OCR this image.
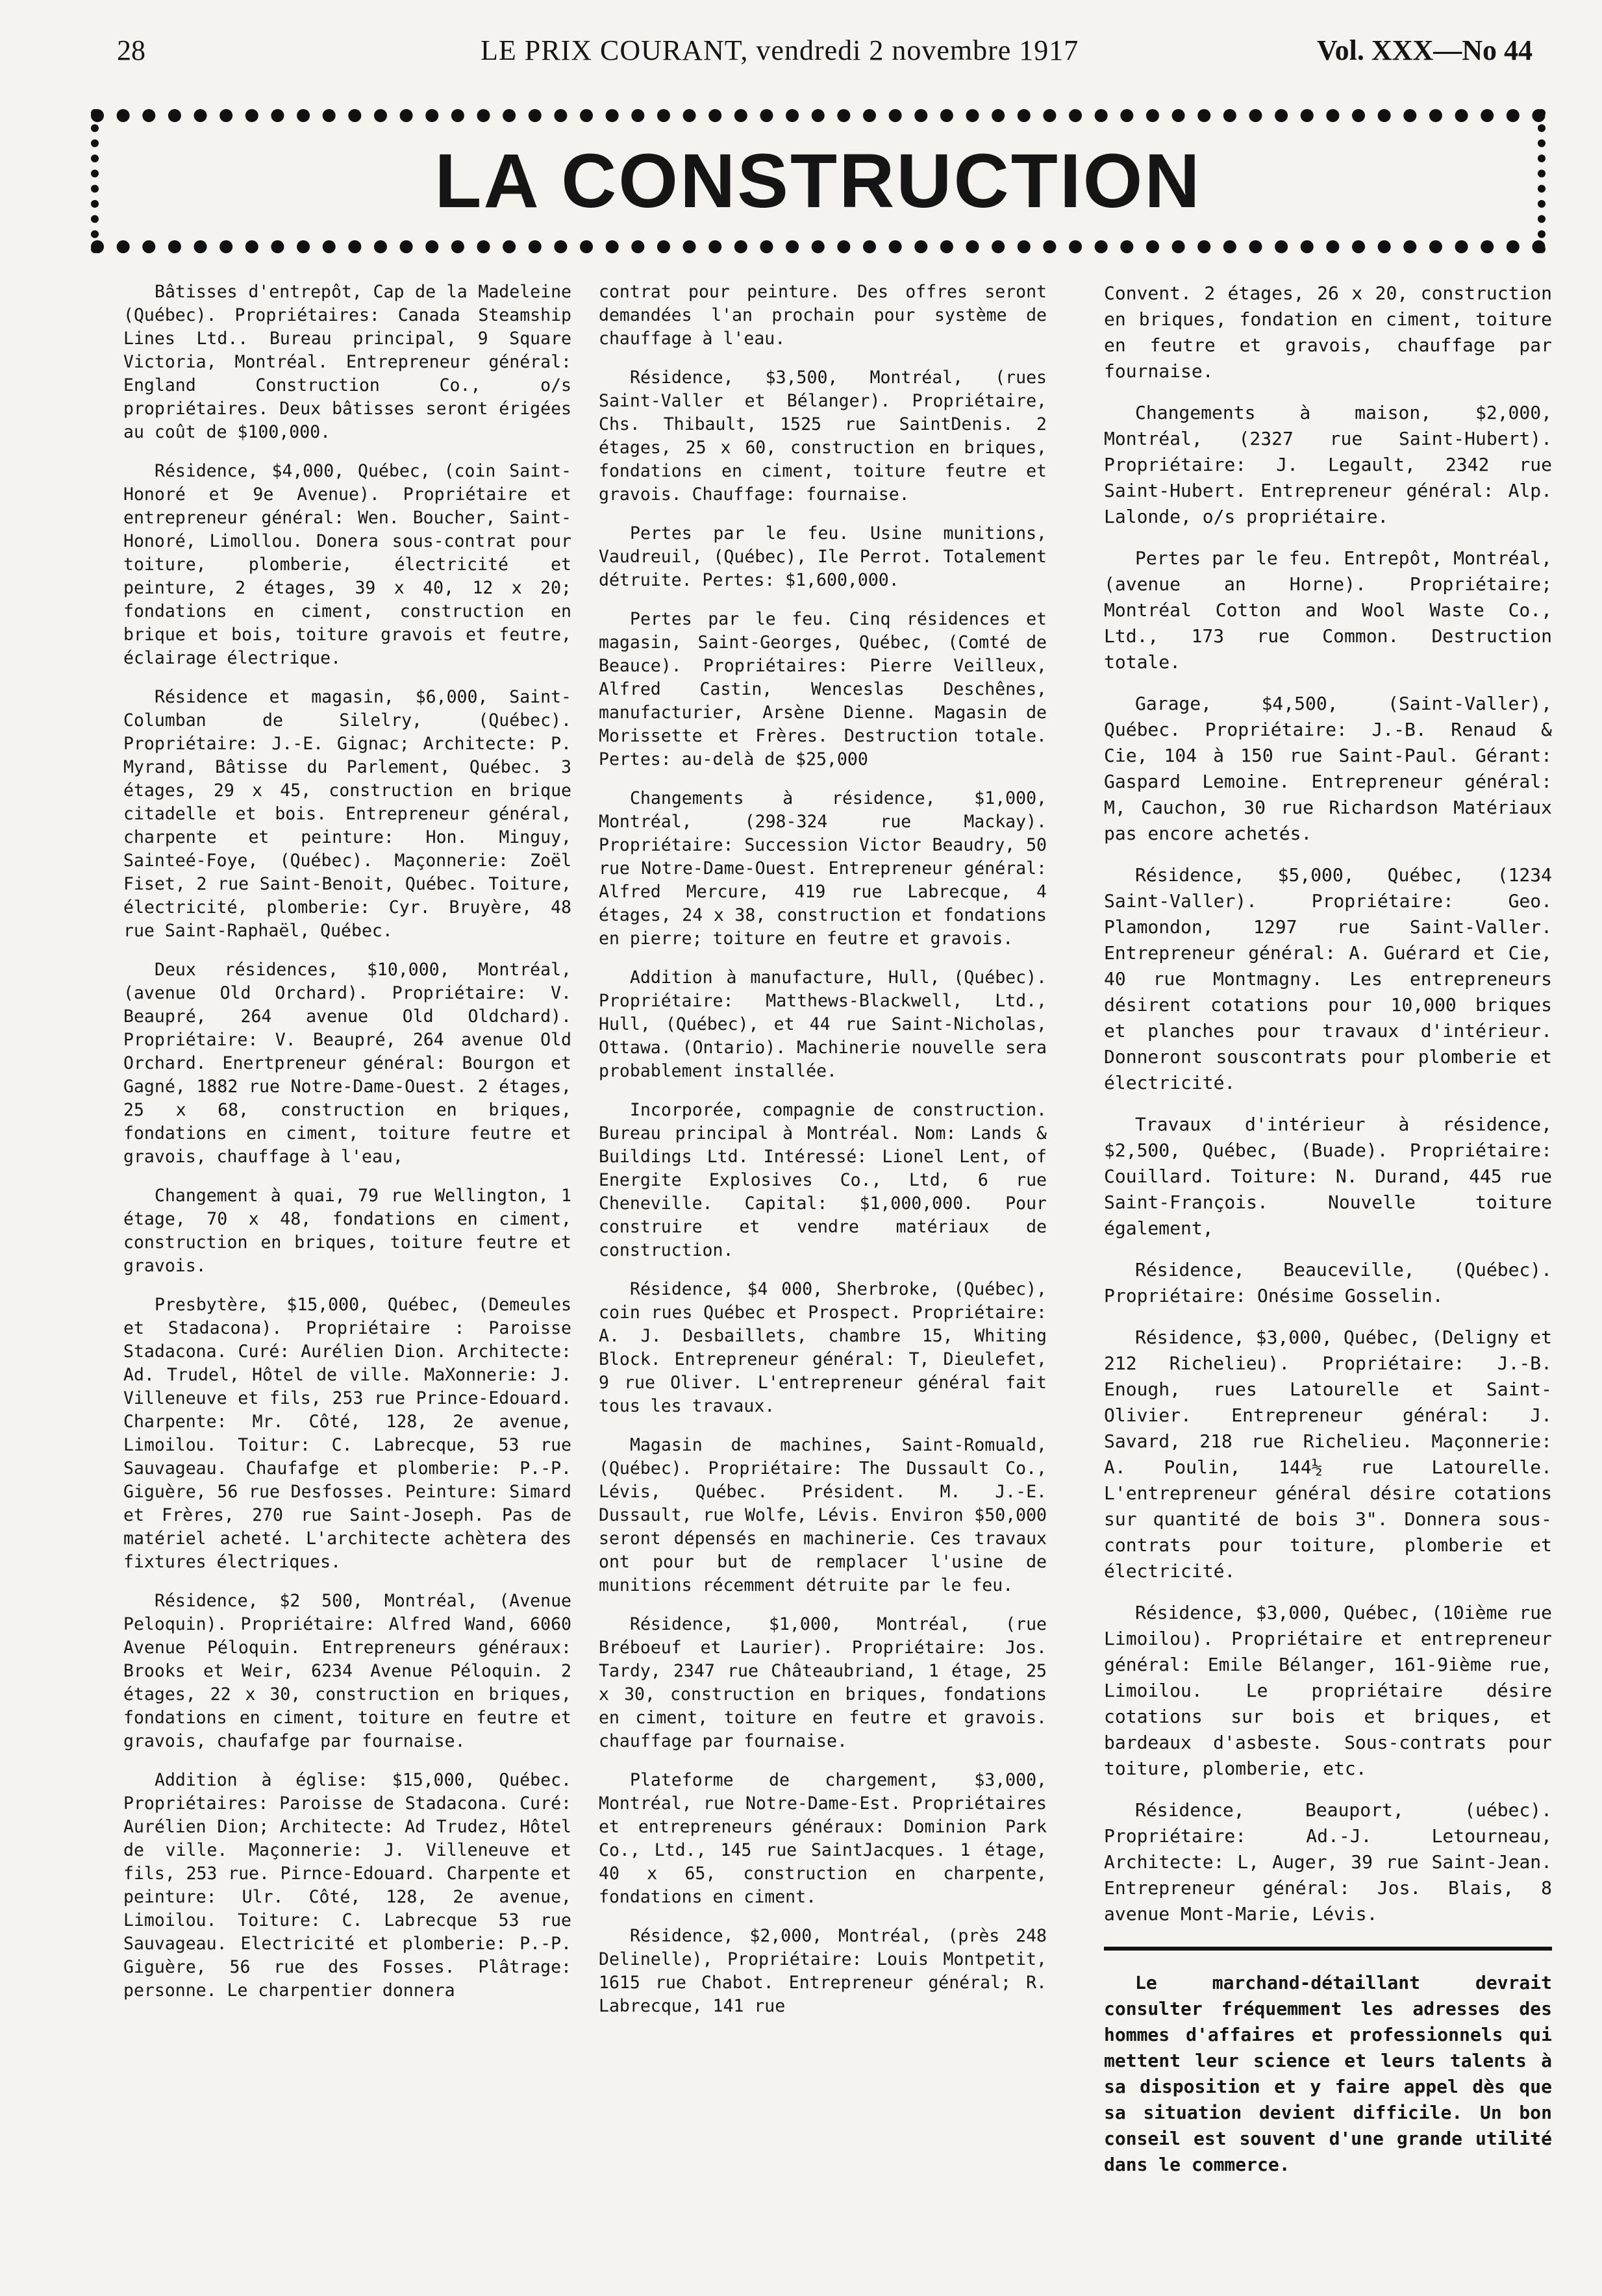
28	LE PRIX COURANT, vendredi 2 novembre 1917	Vol. XXX—No 44
LA CONSTRUCTION

Bâtisses d'entrepôt, Cap de la Madeleine (Québec). Propriétaires: Canada Steamship Lines Ltd.. Bureau principal, 9 Square Victoria, Montréal. Entrepreneur général: England Construction Co., o/s propriétaires. Deux bâtisses seront érigées au coût de $100,000.

Résidence, $4,000, Québec, (coin Saint-Honoré et 9e Avenue). Propriétaire et entrepreneur général: Wen. Boucher, Saint-Honoré, Limollou. Donera sous-contrat pour toiture, plomberie, électricité et peinture, 2 étages, 39 x 40, 12 x 20; fondations en ciment, construction en brique et bois, toiture gravois et feutre, éclairage électrique.

Résidence et magasin, $6,000, Saint-Columban de Silelry, (Québec). Propriétaire: J.-E. Gignac; Architecte: P. Myrand, Bâtisse du Parlement, Québec. 3 étages, 29 x 45, construction en brique citadelle et bois. Entrepreneur général, charpente et peinture: Hon. Minguy, Sainteé-Foye, (Québec). Maçonnerie: Zoël Fiset, 2 rue Saint-Benoit, Québec. Toiture, électricité, plomberie: Cyr. Bruyère, 48 rue Saint-Raphaël, Québec.

Deux résidences, $10,000, Montréal, (avenue Old Orchard). Propriétaire: V. Beaupré, 264 avenue Old Oldchard). Propriétaire: V. Beaupré, 264 avenue Old Orchard. Enertpreneur général: Bourgon et Gagné, 1882 rue Notre-Dame-Ouest. 2 étages, 25 x 68, construction en briques, fondations en ciment, toiture feutre et gravois, chauffage à l'eau,

Changement à quai, 79 rue Wellington, 1 étage, 70 x 48, fondations en ciment, construction en briques, toiture feutre et gravois.

Presbytère, $15,000, Québec, (Demeules et Stadacona). Propriétaire : Paroisse Stadacona. Curé: Aurélien Dion. Architecte: Ad. Trudel, Hôtel de ville. MaXonnerie: J. Villeneuve et fils, 253 rue Prince-Edouard. Charpente: Mr. Côté, 128, 2e avenue, Limoilou. Toitur: C. Labrecque, 53 rue Sauvageau. Chaufafge et plomberie: P.-P. Giguère, 56 rue Desfosses. Peinture: Simard et Frères, 270 rue Saint-Joseph. Pas de matériel acheté. L'architecte achètera des fixtures électriques.

Résidence, $2 500, Montréal, (Avenue Peloquin). Propriétaire: Alfred Wand, 6060 Avenue Péloquin. Entrepreneurs généraux: Brooks et Weir, 6234 Avenue Péloquin. 2 étages, 22 x 30, construction en briques, fondations en ciment, toiture en feutre et gravois, chaufafge par fournaise.

Addition à église: $15,000, Québec. Propriétaires: Paroisse de Stadacona. Curé: Aurélien Dion; Architecte: Ad Trudez, Hôtel de ville. Maçonnerie: J. Villeneuve et fils, 253 rue. Pirnce-Edouard. Charpente et peinture: Ulr. Côté, 128, 2e avenue, Limoilou. Toiture: C. Labrecque 53 rue Sauvageau. Electricité et plomberie: P.-P. Giguère, 56 rue des Fosses. Plâtrage: personne. Le charpentier donnera

contrat pour peinture. Des offres seront demandées l'an prochain pour système de chauffage à l'eau.

Résidence, $3,500, Montréal, (rues Saint-Valler et Bélanger). Propriétaire, Chs. Thibault, 1525 rue SaintDenis. 2 étages, 25 x 60, construction en briques, fondations en ciment, toiture feutre et gravois. Chauffage: fournaise.

Pertes par le feu. Usine munitions, Vaudreuil, (Québec), Ile Perrot. Totalement détruite. Pertes: $1,600,000.

Pertes par le feu. Cinq résidences et magasin, Saint-Georges, Québec, (Comté de Beauce). Propriétaires: Pierre Veilleux, Alfred Castin, Wenceslas Deschênes, manufacturier, Arsène Dienne. Magasin de Morissette et Frères. Destruction totale. Pertes: au-delà de $25,000

Changements à résidence, $1,000, Montréal, (298-324 rue Mackay). Propriétaire: Succession Victor Beaudry, 50 rue Notre-Dame-Ouest. Entrepreneur général: Alfred Mercure, 419 rue Labrecque, 4 étages, 24 x 38, construction et fondations en pierre; toiture en feutre et gravois.

Addition à manufacture, Hull, (Québec). Propriétaire: Matthews-Blackwell, Ltd., Hull, (Québec), et 44 rue Saint-Nicholas, Ottawa. (Ontario). Machinerie nouvelle sera probablement installée.

Incorporée, compagnie de construction. Bureau principal à Montréal. Nom: Lands & Buildings Ltd. Intéressé: Lionel Lent, of Energite Explosives Co., Ltd, 6 rue Cheneville. Capital: $1,000,000. Pour construire et vendre matériaux de construction.

Résidence, $4 000, Sherbroke, (Québec), coin rues Québec et Prospect. Propriétaire: A. J. Desbaillets, chambre 15, Whiting Block. Entrepreneur général: T, Dieulefet, 9 rue Oliver. L'entrepreneur général fait tous les travaux.

Magasin de machines, Saint-Romuald, (Québec). Propriétaire: The Dussault Co., Lévis, Québec. Président. M. J.-E. Dussault, rue Wolfe, Lévis. Environ $50,000 seront dépensés en machinerie. Ces travaux ont pour but de remplacer l'usine de munitions récemment détruite par le feu.

Résidence, $1,000, Montréal, (rue Bréboeuf et Laurier). Propriétaire: Jos. Tardy, 2347 rue Châteaubriand, 1 étage, 25 x 30, construction en briques, fondations en ciment, toiture en feutre et gravois. chauffage par fournaise.

Plateforme de chargement, $3,000, Montréal, rue Notre-Dame-Est. Propriétaires et entrepreneurs généraux: Dominion Park Co., Ltd., 145 rue SaintJacques. 1 étage, 40 x 65, construction en charpente, fondations en ciment.

Résidence, $2,000, Montréal, (près 248 Delinelle), Propriétaire: Louis Montpetit, 1615 rue Chabot. Entrepreneur général; R. Labrecque, 141 rue

Convent. 2 étages, 26 x 20, construction en briques, fondation en ciment, toiture en feutre et gravois, chauffage par fournaise.

Changements à maison, $2,000, Montréal, (2327 rue Saint-Hubert). Propriétaire: J. Legault, 2342 rue Saint-Hubert. Entrepreneur général: Alp. Lalonde, o/s propriétaire.

Pertes par le feu. Entrepôt, Montréal, (avenue an Horne). Propriétaire; Montréal Cotton and Wool Waste Co., Ltd., 173 rue Common. Destruction totale.

Garage, $4,500, (Saint-Valler), Québec. Propriétaire: J.-B. Renaud & Cie, 104 à 150 rue Saint-Paul. Gérant: Gaspard Lemoine. Entrepreneur général: M, Cauchon, 30 rue Richardson Matériaux pas encore achetés.

Résidence, $5,000, Québec, (1234 Saint-Valler). Propriétaire: Geo. Plamondon, 1297 rue Saint-Valler. Entrepreneur général: A. Guérard et Cie, 40 rue Montmagny. Les entrepreneurs désirent cotations pour 10,000 briques et planches pour travaux d'intérieur. Donneront souscontrats pour plomberie et électricité.

Travaux d'intérieur à résidence, $2,500, Québec, (Buade). Propriétaire: Couillard. Toiture: N. Durand, 445 rue Saint-François. Nouvelle toiture également,

Résidence, Beauceville, (Québec). Propriétaire: Onésime Gosselin.

Résidence, $3,000, Québec, (Deligny et 212 Richelieu). Propriétaire: J.-B. Enough, rues Latourelle et Saint-Olivier. Entrepreneur général: J. Savard, 218 rue Richelieu. Maçonnerie: A. Poulin, 144½ rue Latourelle. L'entrepreneur général désire cotations sur quantité de bois 3". Donnera sous-contrats pour toiture, plomberie et électricité.

Résidence, $3,000, Québec, (10ième rue Limoilou). Propriétaire et entrepreneur général: Emile Bélanger, 161-9ième rue, Limoilou. Le propriétaire désire cotations sur bois et briques, et bardeaux d'asbeste. Sous-contrats pour toiture, plomberie, etc.

Résidence, Beauport, (uébec). Propriétaire: Ad.-J. Letourneau, Architecte: L, Auger, 39 rue Saint-Jean. Entrepreneur général: Jos. Blais, 8 avenue Mont-Marie, Lévis.

Le marchand-détaillant devrait consulter fréquemment les adresses des hommes d'affaires et professionnels qui mettent leur science et leurs talents à sa disposition et y faire appel dès que sa situation devient difficile. Un bon conseil est souvent d'une grande utilité dans le commerce.
